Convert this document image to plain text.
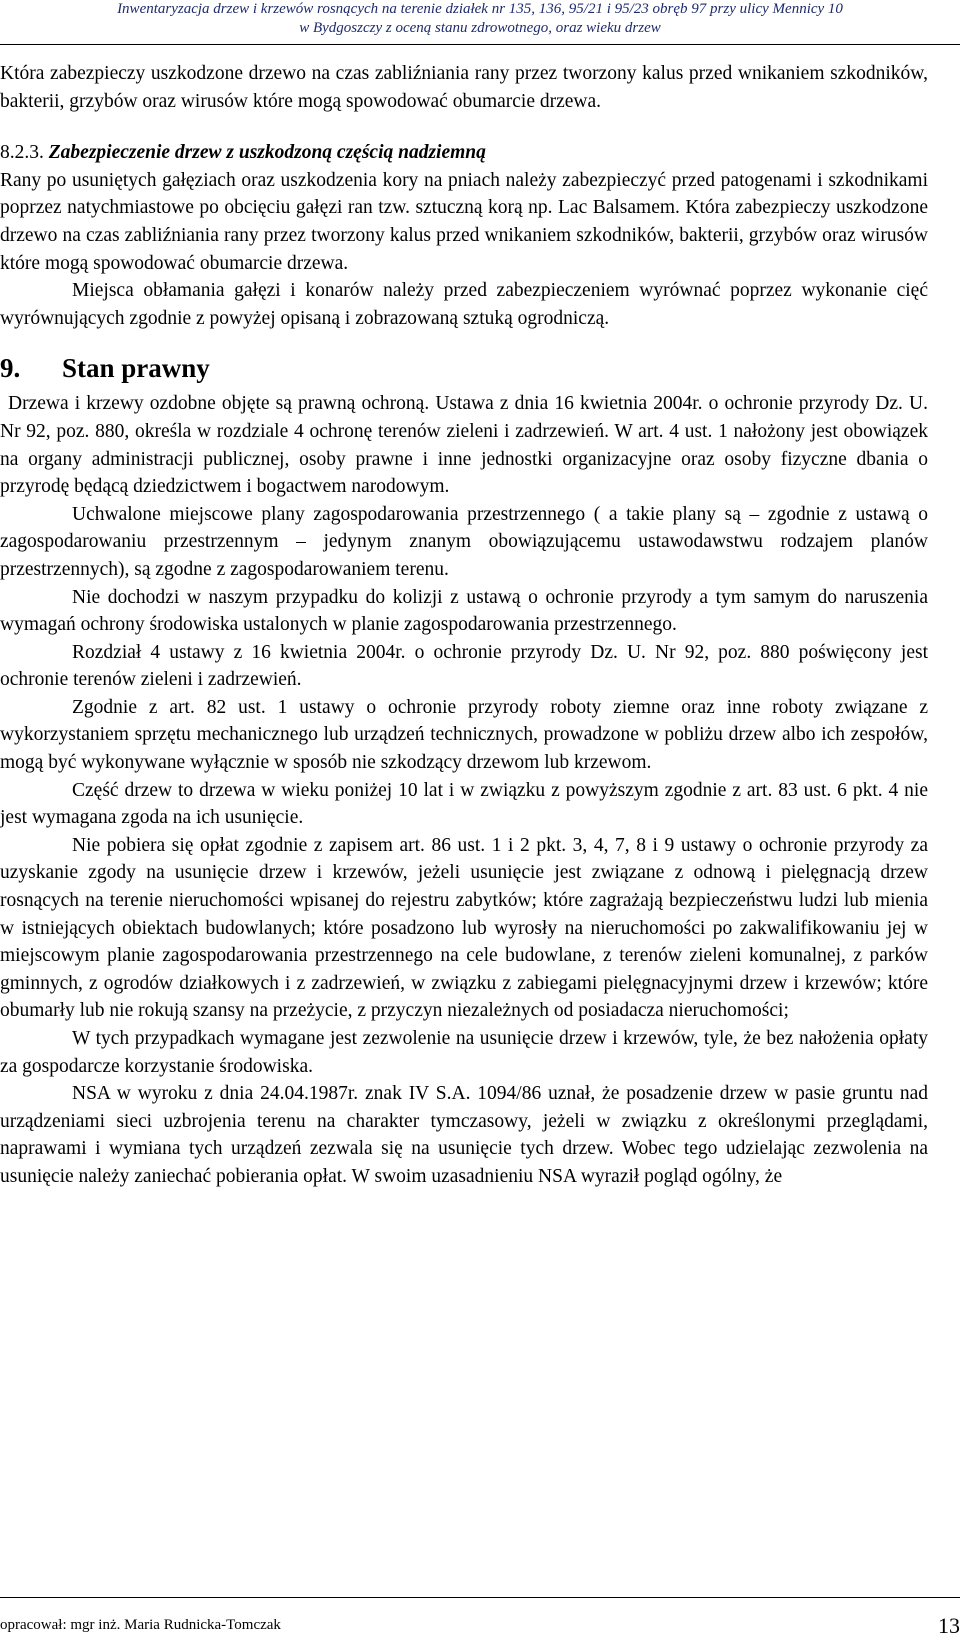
Inwentaryzacja drzew i krzewów rosnących na terenie działek nr 135, 136, 95/21 i 95/23 obręb 97 przy ulicy Mennicy 10

w Bydgoszczy z oceną stanu zdrowotnego, oraz wieku drzew

Która zabezpieczy uszkodzone drzewo na czas zabliźniania rany przez tworzony kalus przed wnikaniem szkodników, bakterii, grzybów oraz wirusów które mogą spowodować obumarcie drzewa.

8.2.3. Zabezpieczenie drzew z uszkodzoną częścią nadziemną

Rany po usuniętych gałęziach oraz uszkodzenia kory na pniach należy zabezpieczyć przed patogenami i szkodnikami poprzez natychmiastowe po obcięciu gałęzi ran tzw. sztuczną korą np. Lac Balsamem. Która zabezpieczy uszkodzone drzewo na czas zabliźniania rany przez tworzony kalus przed wnikaniem szkodników, bakterii, grzybów oraz wirusów które mogą spowodować obumarcie drzewa.

Miejsca obłamania gałęzi i konarów należy przed zabezpieczeniem wyrównać poprzez wykonanie cięć wyrównujących zgodnie z powyżej opisaną i zobrazowaną sztuką ogrodniczą.

9. Stan prawny

Drzewa i krzewy ozdobne objęte są prawną ochroną. Ustawa z dnia 16 kwietnia 2004r. o ochronie przyrody Dz. U. Nr 92, poz. 880, określa w rozdziale 4 ochronę terenów zieleni i zadrzewień. W art. 4 ust. 1 nałożony jest obowiązek na organy administracji publicznej, osoby prawne i inne jednostki organizacyjne oraz osoby fizyczne dbania o przyrodę będącą dziedzictwem i bogactwem narodowym.

Uchwalone miejscowe plany zagospodarowania przestrzennego ( a takie plany są – zgodnie z ustawą o zagospodarowaniu przestrzennym – jedynym znanym obowiązującemu ustawodawstwu rodzajem planów przestrzennych), są zgodne z zagospodarowaniem terenu.

Nie dochodzi w naszym przypadku do kolizji z ustawą o ochronie przyrody a tym samym do naruszenia wymagań ochrony środowiska ustalonych w planie zagospodarowania przestrzennego.

Rozdział 4 ustawy z 16 kwietnia 2004r. o ochronie przyrody Dz. U. Nr 92, poz. 880 poświęcony jest ochronie terenów zieleni i zadrzewień.

Zgodnie z art. 82 ust. 1 ustawy o ochronie przyrody roboty ziemne oraz inne roboty związane z wykorzystaniem sprzętu mechanicznego lub urządzeń technicznych, prowadzone w pobliżu drzew albo ich zespołów, mogą być wykonywane wyłącznie w sposób nie szkodzący drzewom lub krzewom.

Część drzew to drzewa w wieku poniżej 10 lat i w związku z powyższym zgodnie z art. 83 ust. 6 pkt. 4 nie jest wymagana zgoda na ich usunięcie.

Nie pobiera się opłat zgodnie z zapisem art. 86 ust. 1 i 2 pkt. 3, 4, 7, 8 i 9 ustawy o ochronie przyrody za uzyskanie zgody na usunięcie drzew i krzewów, jeżeli usunięcie jest związane z odnową i pielęgnacją drzew rosnących na terenie nieruchomości wpisanej do rejestru zabytków; które zagrażają bezpieczeństwu ludzi lub mienia w istniejących obiektach budowlanych; które posadzono lub wyrosły na nieruchomości po zakwalifikowaniu jej w miejscowym planie zagospodarowania przestrzennego na cele budowlane, z terenów zieleni komunalnej, z parków gminnych, z ogrodów działkowych i z zadrzewień, w związku z zabiegami pielęgnacyjnymi drzew i krzewów; które obumarły lub nie rokują szansy na przeżycie, z przyczyn niezależnych od posiadacza nieruchomości;

W tych przypadkach wymagane jest zezwolenie na usunięcie drzew i krzewów, tyle, że bez nałożenia opłaty za gospodarcze korzystanie środowiska.

NSA w wyroku z dnia 24.04.1987r. znak IV S.A. 1094/86 uznał, że posadzenie drzew w pasie gruntu nad urządzeniami sieci uzbrojenia terenu na charakter tymczasowy, jeżeli w związku z określonymi przeglądami, naprawami i wymiana tych urządzeń zezwala się na usunięcie tych drzew. Wobec tego udzielając zezwolenia na usunięcie należy zaniechać pobierania opłat. W swoim uzasadnieniu NSA wyraził pogląd ogólny, że

opracował: mgr inż. Maria Rudnicka-Tomczak	13
